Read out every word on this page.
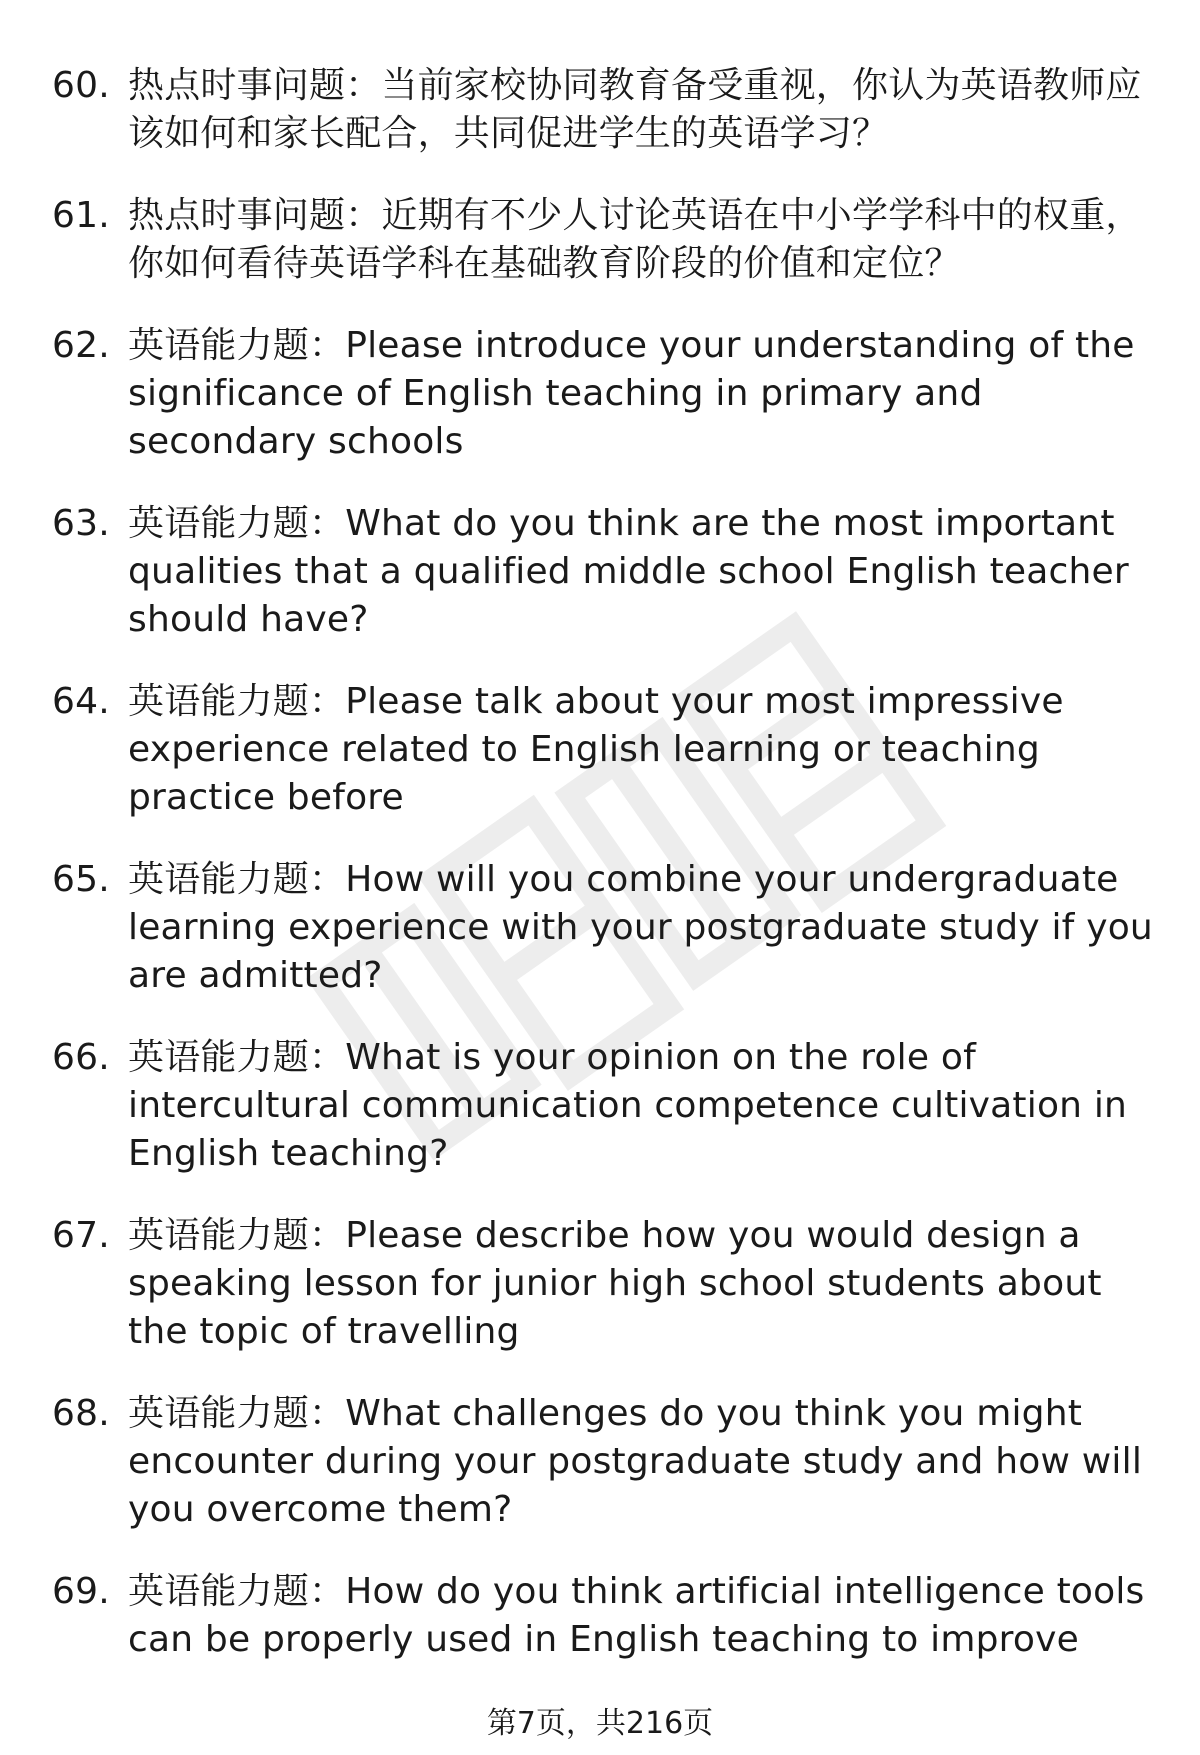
60. 热点时事问题：当前家校协同教育备受重视，你认为英语教师应该如何和家长配合，共同促进学生的英语学习？
61. 热点时事问题：近期有不少人讨论英语在中小学学科中的权重，你如何看待英语学科在基础教育阶段的价值和定位？
62. 英语能力题：Please introduce your understanding of the significance of English teaching in primary and secondary schools
63. 英语能力题：What do you think are the most important qualities that a qualified middle school English teacher should have?
64. 英语能力题：Please talk about your most impressive experience related to English learning or teaching practice before
65. 英语能力题：How will you combine your undergraduate learning experience with your postgraduate study if you are admitted?
66. 英语能力题：What is your opinion on the role of intercultural communication competence cultivation in English teaching?
67. 英语能力题：Please describe how you would design a speaking lesson for junior high school students about the topic of travelling
68. 英语能力题：What challenges do you think you might encounter during your postgraduate study and how will you overcome them?
69. 英语能力题：How do you think artificial intelligence tools can be properly used in English teaching to improve
第7页，共216页
